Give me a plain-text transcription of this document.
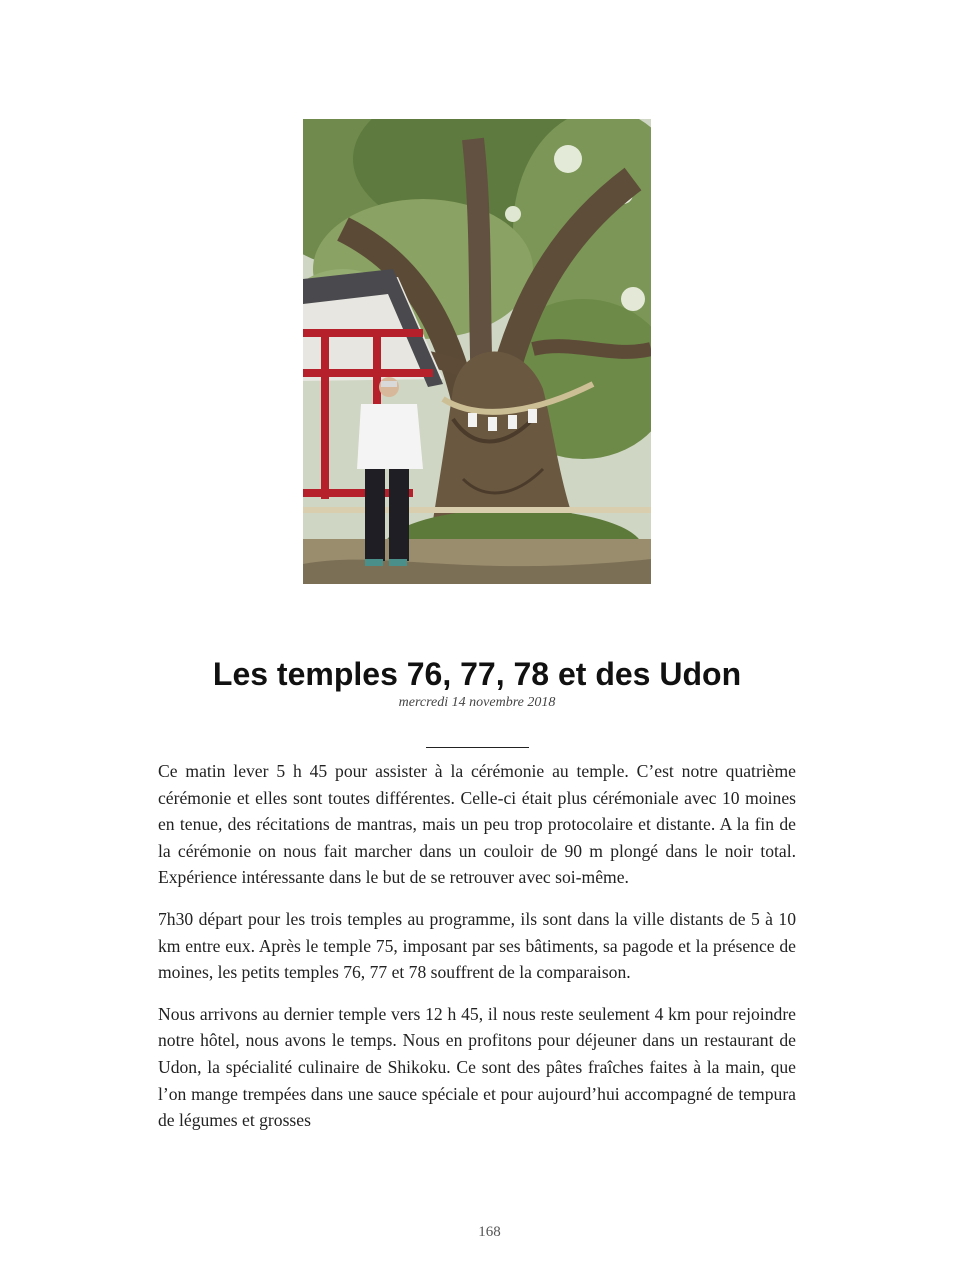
Les temples 76, 77, 78 et des Udon
mercredi 14 novembre 2018

Ce matin lever 5 h 45 pour assister à la cérémonie au temple. C’est notre quatrième cérémonie et elles sont toutes différentes. Celle-ci était plus cérémoniale avec 10 moines en tenue, des récitations de mantras, mais un peu trop protocolaire et distante. A la fin de la cérémonie on nous fait marcher dans un couloir de 90 m plongé dans le noir total. Expérience intéressante dans le but de se retrouver avec soi-même.

7h30 départ pour les trois temples au programme, ils sont dans la ville distants de 5 à 10 km entre eux. Après le temple 75, imposant par ses bâtiments, sa pagode et la présence de moines, les petits temples 76, 77 et 78 souffrent de la comparaison.

Nous arrivons au dernier temple vers 12 h 45, il nous reste seulement 4 km pour rejoindre notre hôtel, nous avons le temps. Nous en profitons pour déjeuner dans un restaurant de Udon, la spécialité culinaire de Shikoku. Ce sont des pâtes fraîches faites à la main, que l’on mange trempées dans une sauce spéciale et pour aujourd’hui accompagné de tempura de légumes et grosses

168
